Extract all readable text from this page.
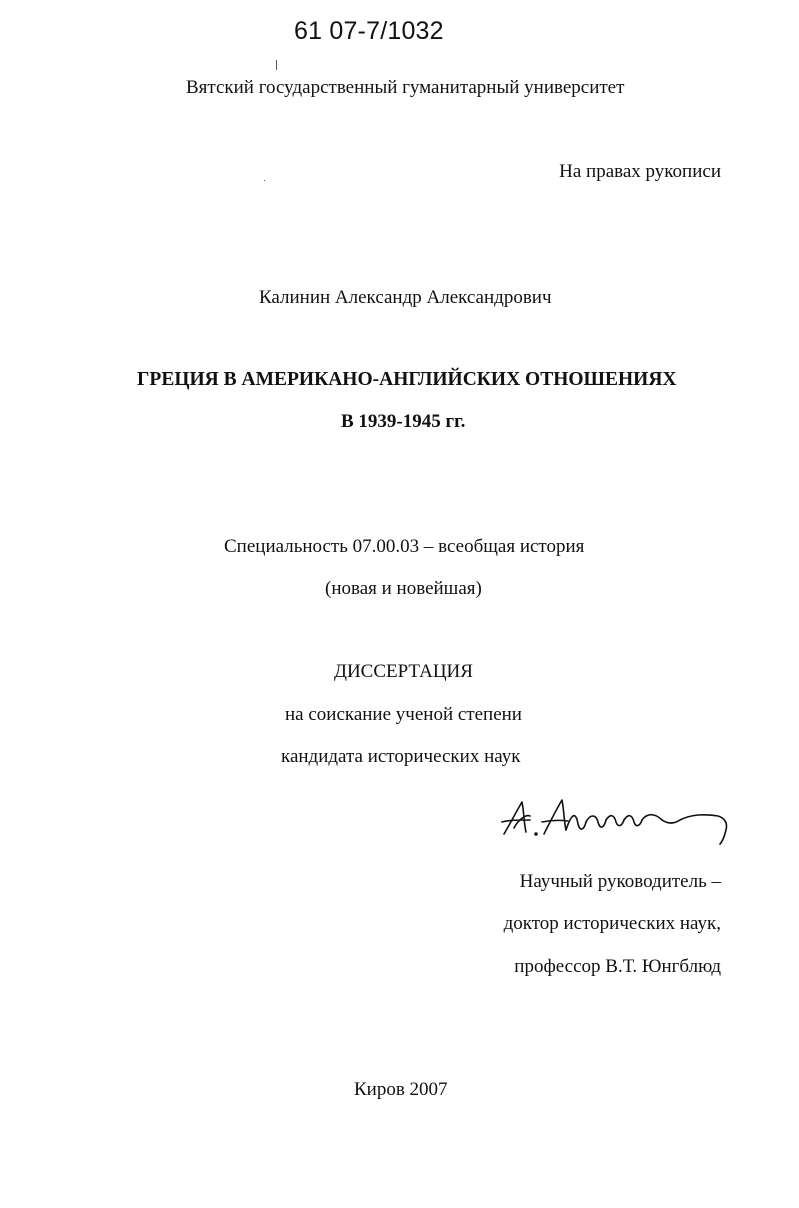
61 07-7/1032
Вятский государственный гуманитарный университет
На правах рукописи
Калинин Александр Александрович
ГРЕЦИЯ В АМЕРИКАНО-АНГЛИЙСКИХ ОТНОШЕНИЯХ
В 1939-1945 гг.
Специальность 07.00.03 – всеобщая история
(новая и новейшая)
ДИССЕРТАЦИЯ
на соискание ученой степени
кандидата исторических наук
Научный руководитель –
доктор исторических наук,
профессор В.Т. Юнгблюд
Киров 2007
